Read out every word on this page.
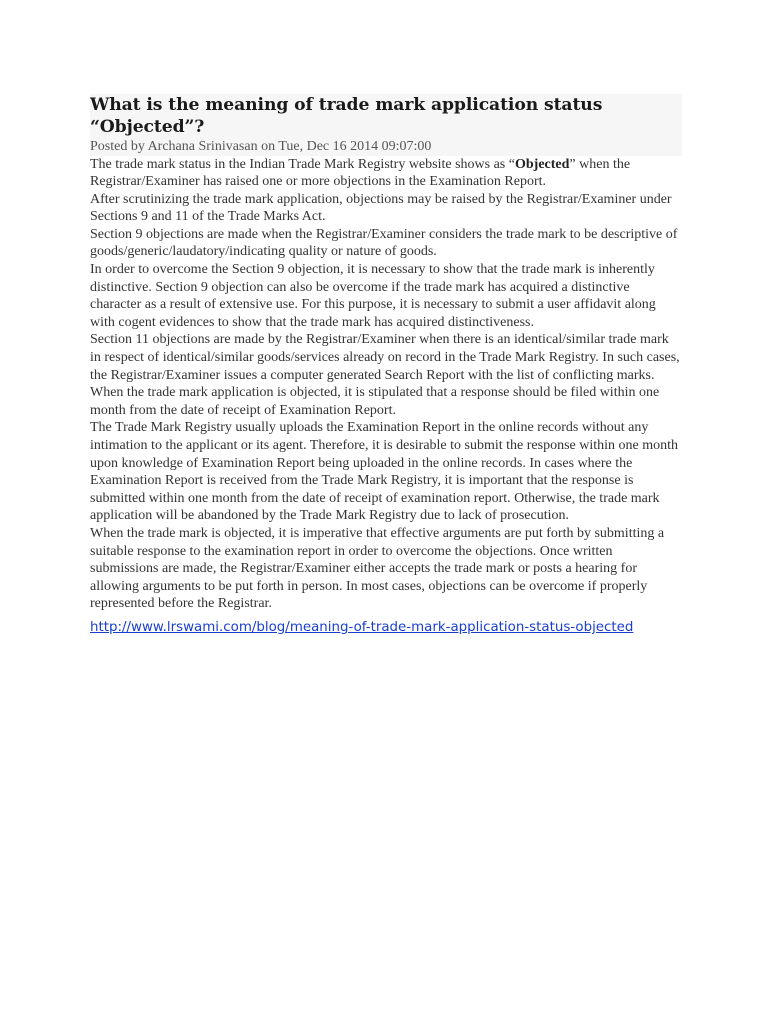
What is the meaning of trade mark application status “Objected”?
Posted by Archana Srinivasan on Tue, Dec 16 2014 09:07:00

The trade mark status in the Indian Trade Mark Registry website shows as “Objected” when the Registrar/Examiner has raised one or more objections in the Examination Report.

After scrutinizing the trade mark application, objections may be raised by the Registrar/Examiner under Sections 9 and 11 of the Trade Marks Act.

Section 9 objections are made when the Registrar/Examiner considers the trade mark to be descriptive of goods/generic/laudatory/indicating quality or nature of goods.

In order to overcome the Section 9 objection, it is necessary to show that the trade mark is inherently distinctive. Section 9 objection can also be overcome if the trade mark has acquired a distinctive character as a result of extensive use. For this purpose, it is necessary to submit a user affidavit along with cogent evidences to show that the trade mark has acquired distinctiveness.

Section 11 objections are made by the Registrar/Examiner when there is an identical/similar trade mark in respect of identical/similar goods/services already on record in the Trade Mark Registry. In such cases, the Registrar/Examiner issues a computer generated Search Report with the list of conflicting marks.

When the trade mark application is objected, it is stipulated that a response should be filed within one month from the date of receipt of Examination Report.

The Trade Mark Registry usually uploads the Examination Report in the online records without any intimation to the applicant or its agent. Therefore, it is desirable to submit the response within one month upon knowledge of Examination Report being uploaded in the online records. In cases where the Examination Report is received from the Trade Mark Registry, it is important that the response is submitted within one month from the date of receipt of examination report. Otherwise, the trade mark application will be abandoned by the Trade Mark Registry due to lack of prosecution.

When the trade mark is objected, it is imperative that effective arguments are put forth by submitting a suitable response to the examination report in order to overcome the objections. Once written submissions are made, the Registrar/Examiner either accepts the trade mark or posts a hearing for allowing arguments to be put forth in person. In most cases, objections can be overcome if properly represented before the Registrar.

http://www.lrswami.com/blog/meaning-of-trade-mark-application-status-objected
